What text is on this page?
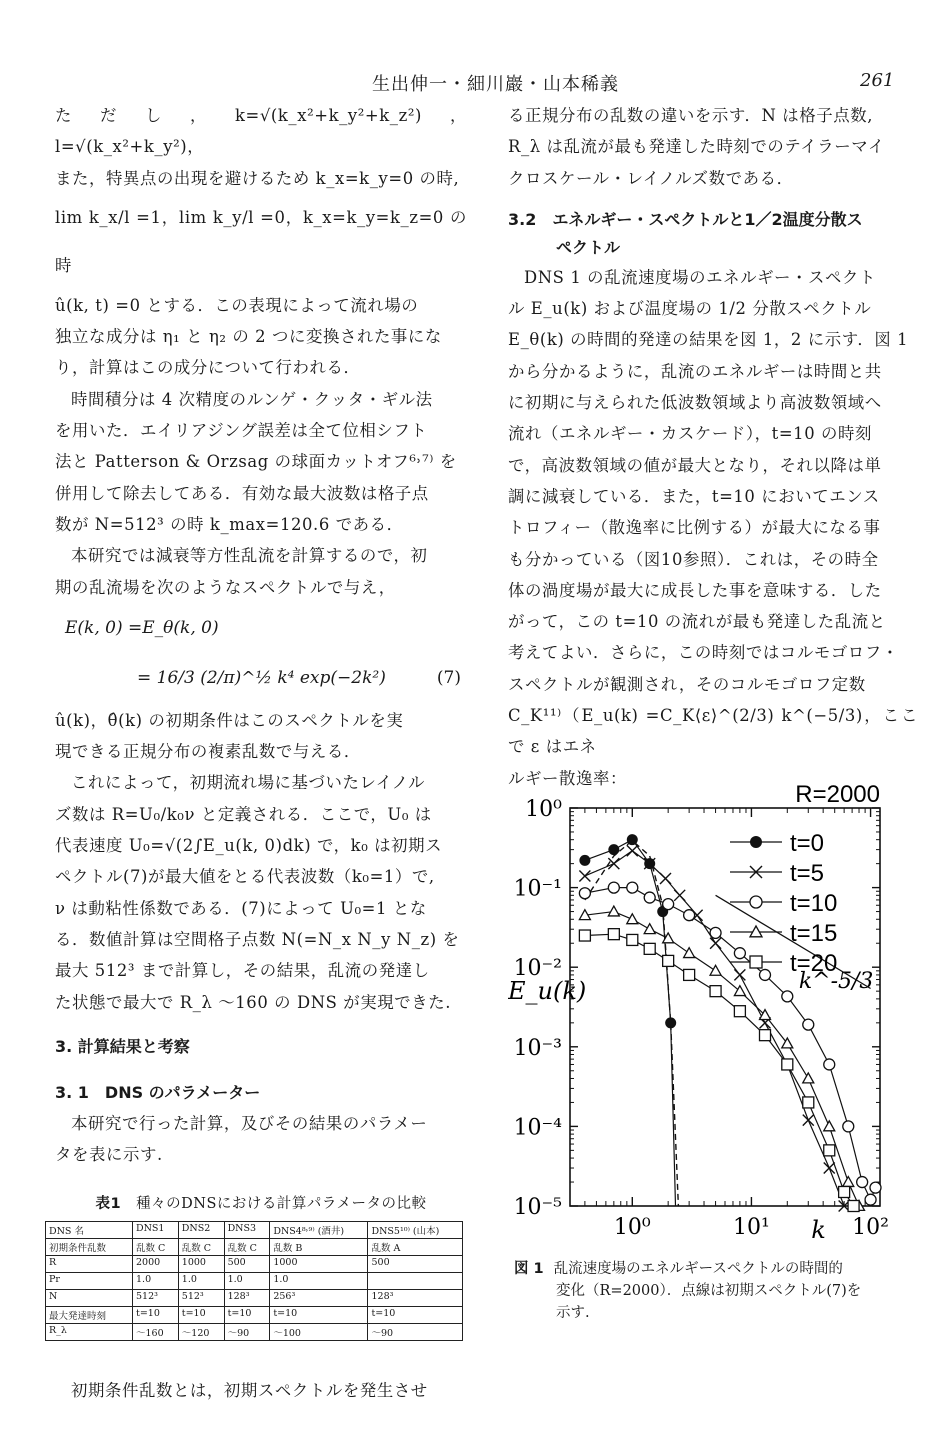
生出伸一・細川巖・山本稀義	261

ただし，k=√(k_x²+k_y²+k_z²)，l=√(k_x²+k_y²)，

また，特異点の出現を避けるため k_x=k_y=0 の時,

lim k_x/l =1，lim k_y/l =0，k_x=k_y=k_z=0 の時

û(k, t) =0 とする．この表現によって流れ場の

独立な成分は η₁ と η₂ の 2 つに変換された事にな

り，計算はこの成分について行われる．

時間積分は 4 次精度のルンゲ・クッタ・ギル法

を用いた．エイリアジング誤差は全て位相シフト

法と Patterson & Orzsag の球面カットオフ⁶˒⁷⁾ を

併用して除去してある．有効な最大波数は格子点

数が N=512³ の時 k_max=120.6 である．

本研究では減衰等方性乱流を計算するので，初

期の乱流場を次のようなスペクトルで与え，

E(k, 0) =E_θ(k, 0)

= 16/3 (2/π)^½ k⁴ exp(−2k²)	(7)

û(k)，θ̂(k) の初期条件はこのスペクトルを実

現できる正規分布の複素乱数で与える．

これによって，初期流れ場に基づいたレイノル

ズ数は R=U₀/k₀ν と定義される．ここで，U₀ は

代表速度 U₀=√(2∫E_u(k, 0)dk) で，k₀ は初期ス

ペクトル(7)が最大値をとる代表波数（k₀=1）で,

ν は動粘性係数である．(7)によって U₀=1 とな

る．数値計算は空間格子点数 N(=N_x N_y N_z) を

最大 512³ まで計算し，その結果，乱流の発達し

た状態で最大で R_λ ～160 の DNS が実現できた.

3. 計算結果と考察

3. 1　DNS のパラメーター

本研究で行った計算，及びその結果のパラメー

タを表に示す.

表1　 種々のDNSにおける計算パラメータの比較

DNS 名	DNS1	DNS2	DNS3	DNS4⁸˒⁹⁾ (酒井)	DNS5¹⁰⁾ (山本)
初期条件乱数	乱数 C	乱数 C	乱数 C	乱数 B	乱数 A
R	2000	1000	500	1000	500
Pr	1.0	1.0	1.0	1.0	
N	512³	512³	128³	256³	128³
最大発達時刻	t=10	t=10	t=10	t=10	t=10
R_λ	～160	～120	～90	～100	～90

初期条件乱数とは，初期スペクトルを発生させ

る正規分布の乱数の違いを示す．N は格子点数,

R_λ は乱流が最も発達した時刻でのテイラーマイ

クロスケール・レイノルズ数である．

3.2　エネルギー・スペクトルと1／2温度分散ス
ペクトル

DNS 1 の乱流速度場のエネルギー・スペクト

ル E_u(k) および温度場の 1/2 分散スペクトル

E_θ(k) の時間的発達の結果を図 1，2 に示す．図 1

から分かるように，乱流のエネルギーは時間と共

に初期に与えられた低波数領域より高波数領域へ

流れ（エネルギー・カスケード），t=10 の時刻

で，高波数領域の値が最大となり，それ以降は単

調に減衰している．また，t=10 においてエンス

トロフィー（散逸率に比例する）が最大になる事

も分かっている（図10参照）．これは，その時全

体の渦度場が最大に成長した事を意味する．した

がって，この t=10 の流れが最も発達した乱流と

考えてよい．さらに，この時刻ではコルモゴロフ・

スペクトルが観測され，そのコルモゴロフ定数

C_K¹¹⁾（E_u(k) =C_K⟨ε⟩^(2/3) k^(−5/3)，ここで ε はエネ

ルギー散逸率：

10⁰
10⁻¹
10⁻²
10⁻³
10⁻⁴
10⁻⁵
10⁰	10¹	10²
R=2000
E_u(k)
k
k^-5/3
t=0
t=5
t=10
t=15
t=20
図 1 乱流速度場のエネルギースペクトルの時間的
変化（R=2000）．点線は初期スペクトル(7)を
示す.
